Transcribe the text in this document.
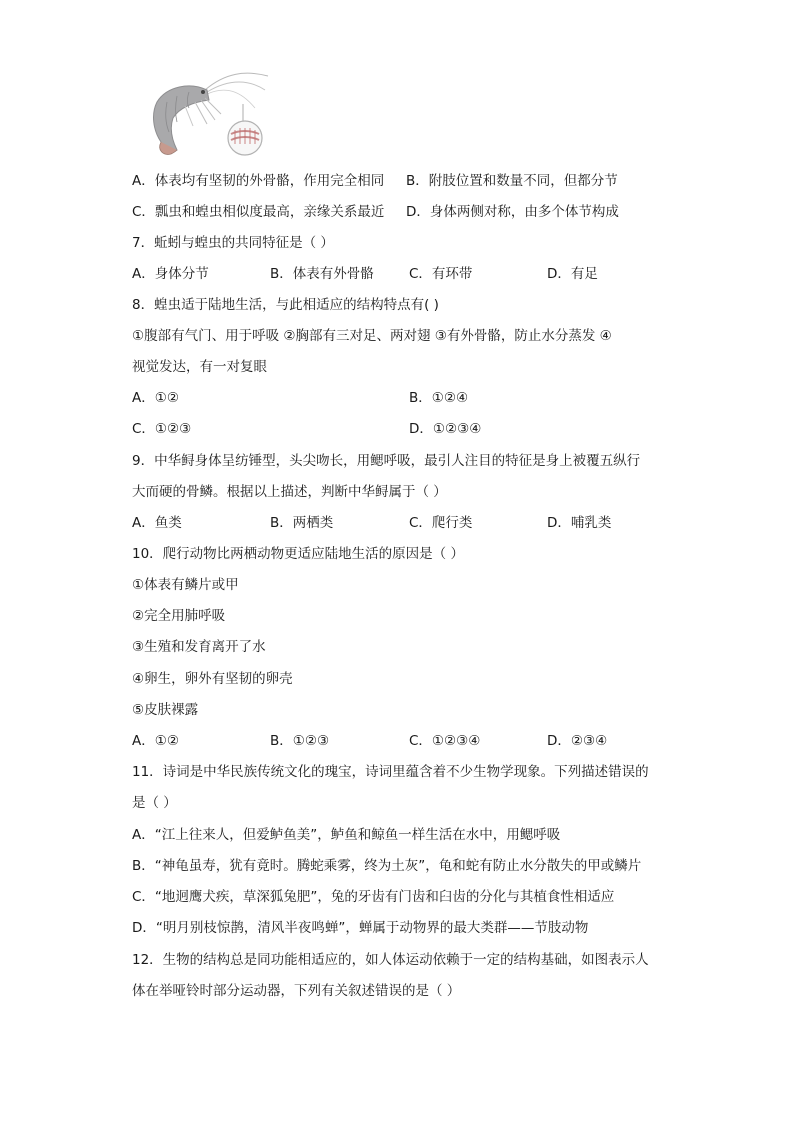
A．体表均有坚韧的外骨骼，作用完全相同 B．附肢位置和数量不同，但都分节
C．瓢虫和蝗虫相似度最高，亲缘关系最近 D．身体两侧对称，由多个体节构成
7．蚯蚓与蝗虫的共同特征是（ ）
A．身体分节	B．体表有外骨骼	C．有环带	D．有足
8．蝗虫适于陆地生活，与此相适应的结构特点有( )
①腹部有气门、用于呼吸 ②胸部有三对足、两对翅 ③有外骨骼，防止水分蒸发 ④
视觉发达，有一对复眼
A．①②	B．①②④
C．①②③	D．①②③④
9．中华鲟身体呈纺锤型，头尖吻长，用鳃呼吸，最引人注目的特征是身上被覆五纵行
大而硬的骨鳞。根据以上描述，判断中华鲟属于（ ）
A．鱼类	B．两栖类	C．爬行类	D．哺乳类
10．爬行动物比两栖动物更适应陆地生活的原因是（ ）
①体表有鳞片或甲
②完全用肺呼吸
③生殖和发育离开了水
④卵生，卵外有坚韧的卵壳
⑤皮肤裸露
A．①②	B．①②③	C．①②③④	D．②③④
11．诗词是中华民族传统文化的瑰宝，诗词里蕴含着不少生物学现象。下列描述错误的
是（ ）
A．“江上往来人，但爱鲈鱼美”，鲈鱼和鲸鱼一样生活在水中，用鳃呼吸
B．“神龟虽寿，犹有竟时。腾蛇乘雾，终为土灰”，龟和蛇有防止水分散失的甲或鳞片
C．“地迥鹰犬疾，草深狐兔肥”，兔的牙齿有门齿和臼齿的分化与其植食性相适应
D．“明月别枝惊鹊，清风半夜鸣蝉”，蝉属于动物界的最大类群——节肢动物
12．生物的结构总是同功能相适应的，如人体运动依赖于一定的结构基础，如图表示人
体在举哑铃时部分运动器，下列有关叙述错误的是（ ）
